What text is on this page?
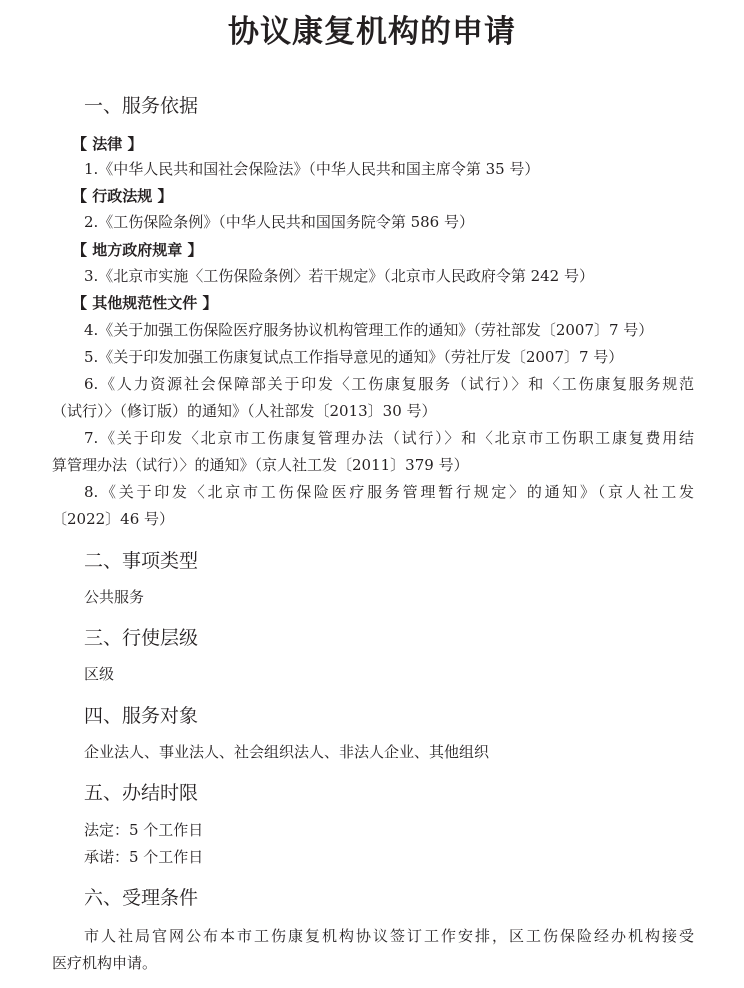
协议康复机构的申请
一、服务依据
【 法律 】
1.《中华人民共和国社会保险法》（中华人民共和国主席令第 35 号）
【 行政法规 】
2.《工伤保险条例》（中华人民共和国国务院令第 586 号）
【 地方政府规章 】
3.《北京市实施〈工伤保险条例〉若干规定》（北京市人民政府令第 242 号）
【 其他规范性文件 】
4.《关于加强工伤保险医疗服务协议机构管理工作的通知》（劳社部发〔2007〕7 号）
5.《关于印发加强工伤康复试点工作指导意见的通知》（劳社厅发〔2007〕7 号）
6.《人力资源社会保障部关于印发〈工伤康复服务（试行）〉和〈工伤康复服务规范
（试行）〉（修订版）的通知》（人社部发〔2013〕30 号）
7.《关于印发〈北京市工伤康复管理办法（试行）〉和〈北京市工伤职工康复费用结
算管理办法（试行）〉的通知》（京人社工发〔2011〕379 号）
8.《关于印发〈北京市工伤保险医疗服务管理暂行规定〉的通知》（京人社工发
〔2022〕46 号）
二、事项类型
公共服务
三、行使层级
区级
四、服务对象
企业法人、事业法人、社会组织法人、非法人企业、其他组织
五、办结时限
法定：5 个工作日
承诺：5 个工作日
六、受理条件
市人社局官网公布本市工伤康复机构协议签订工作安排，区工伤保险经办机构接受
医疗机构申请。
